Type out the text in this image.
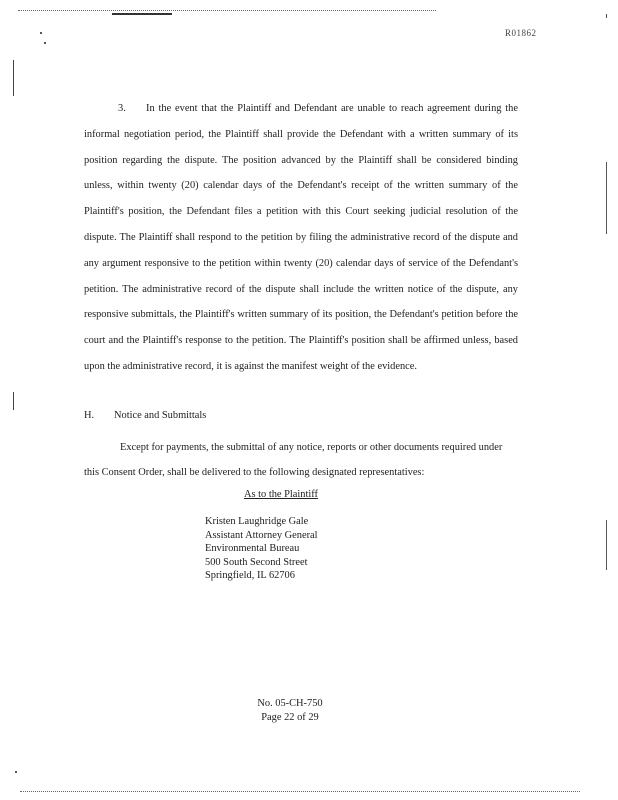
R01862
3. In the event that the Plaintiff and Defendant are unable to reach agreement during the informal negotiation period, the Plaintiff shall provide the Defendant with a written summary of its position regarding the dispute. The position advanced by the Plaintiff shall be considered binding unless, within twenty (20) calendar days of the Defendant's receipt of the written summary of the Plaintiff's position, the Defendant files a petition with this Court seeking judicial resolution of the dispute. The Plaintiff shall respond to the petition by filing the administrative record of the dispute and any argument responsive to the petition within twenty (20) calendar days of service of the Defendant's petition. The administrative record of the dispute shall include the written notice of the dispute, any responsive submittals, the Plaintiff's written summary of its position, the Defendant's petition before the court and the Plaintiff's response to the petition. The Plaintiff's position shall be affirmed unless, based upon the administrative record, it is against the manifest weight of the evidence.
H. Notice and Submittals
Except for payments, the submittal of any notice, reports or other documents required under this Consent Order, shall be delivered to the following designated representatives:
As to the Plaintiff
Kristen Laughridge Gale
Assistant Attorney General
Environmental Bureau
500 South Second Street
Springfield, IL 62706
No. 05-CH-750
Page 22 of 29
